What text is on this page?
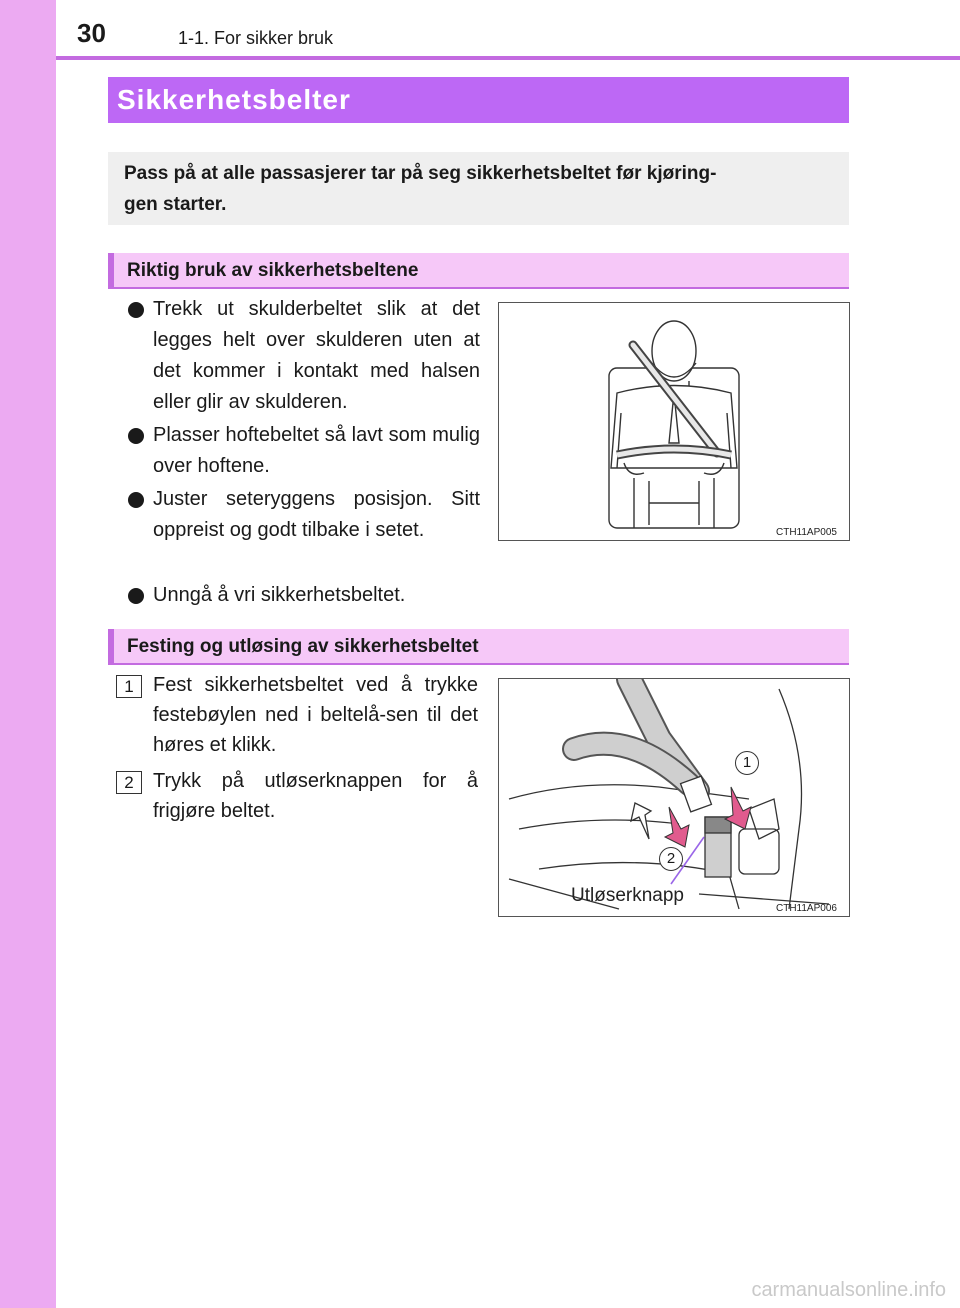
30	1-1. For sikker bruk
Sikkerhetsbelter
Pass på at alle passasjerer tar på seg sikkerhetsbeltet før kjøring-
gen starter.
Riktig bruk av sikkerhetsbeltene
Trekk ut skulderbeltet slik at det legges helt over skulderen uten at det kommer i kontakt med halsen eller glir av skulderen.
Plasser hoftebeltet så lavt som mulig over hoftene.
Juster seteryggens posisjon. Sitt oppreist og godt tilbake i setet.
Unngå å vri sikkerhetsbeltet.
CTH11AP005
Festing og utløsing av sikkerhetsbeltet
1 Fest sikkerhetsbeltet ved å trykke festebøylen ned i beltelå-sen til det høres et klikk.
2 Trykk på utløserknappen for å frigjøre beltet.
1
2
Utløserknapp
CTH11AP006
carmanualsonline.info
